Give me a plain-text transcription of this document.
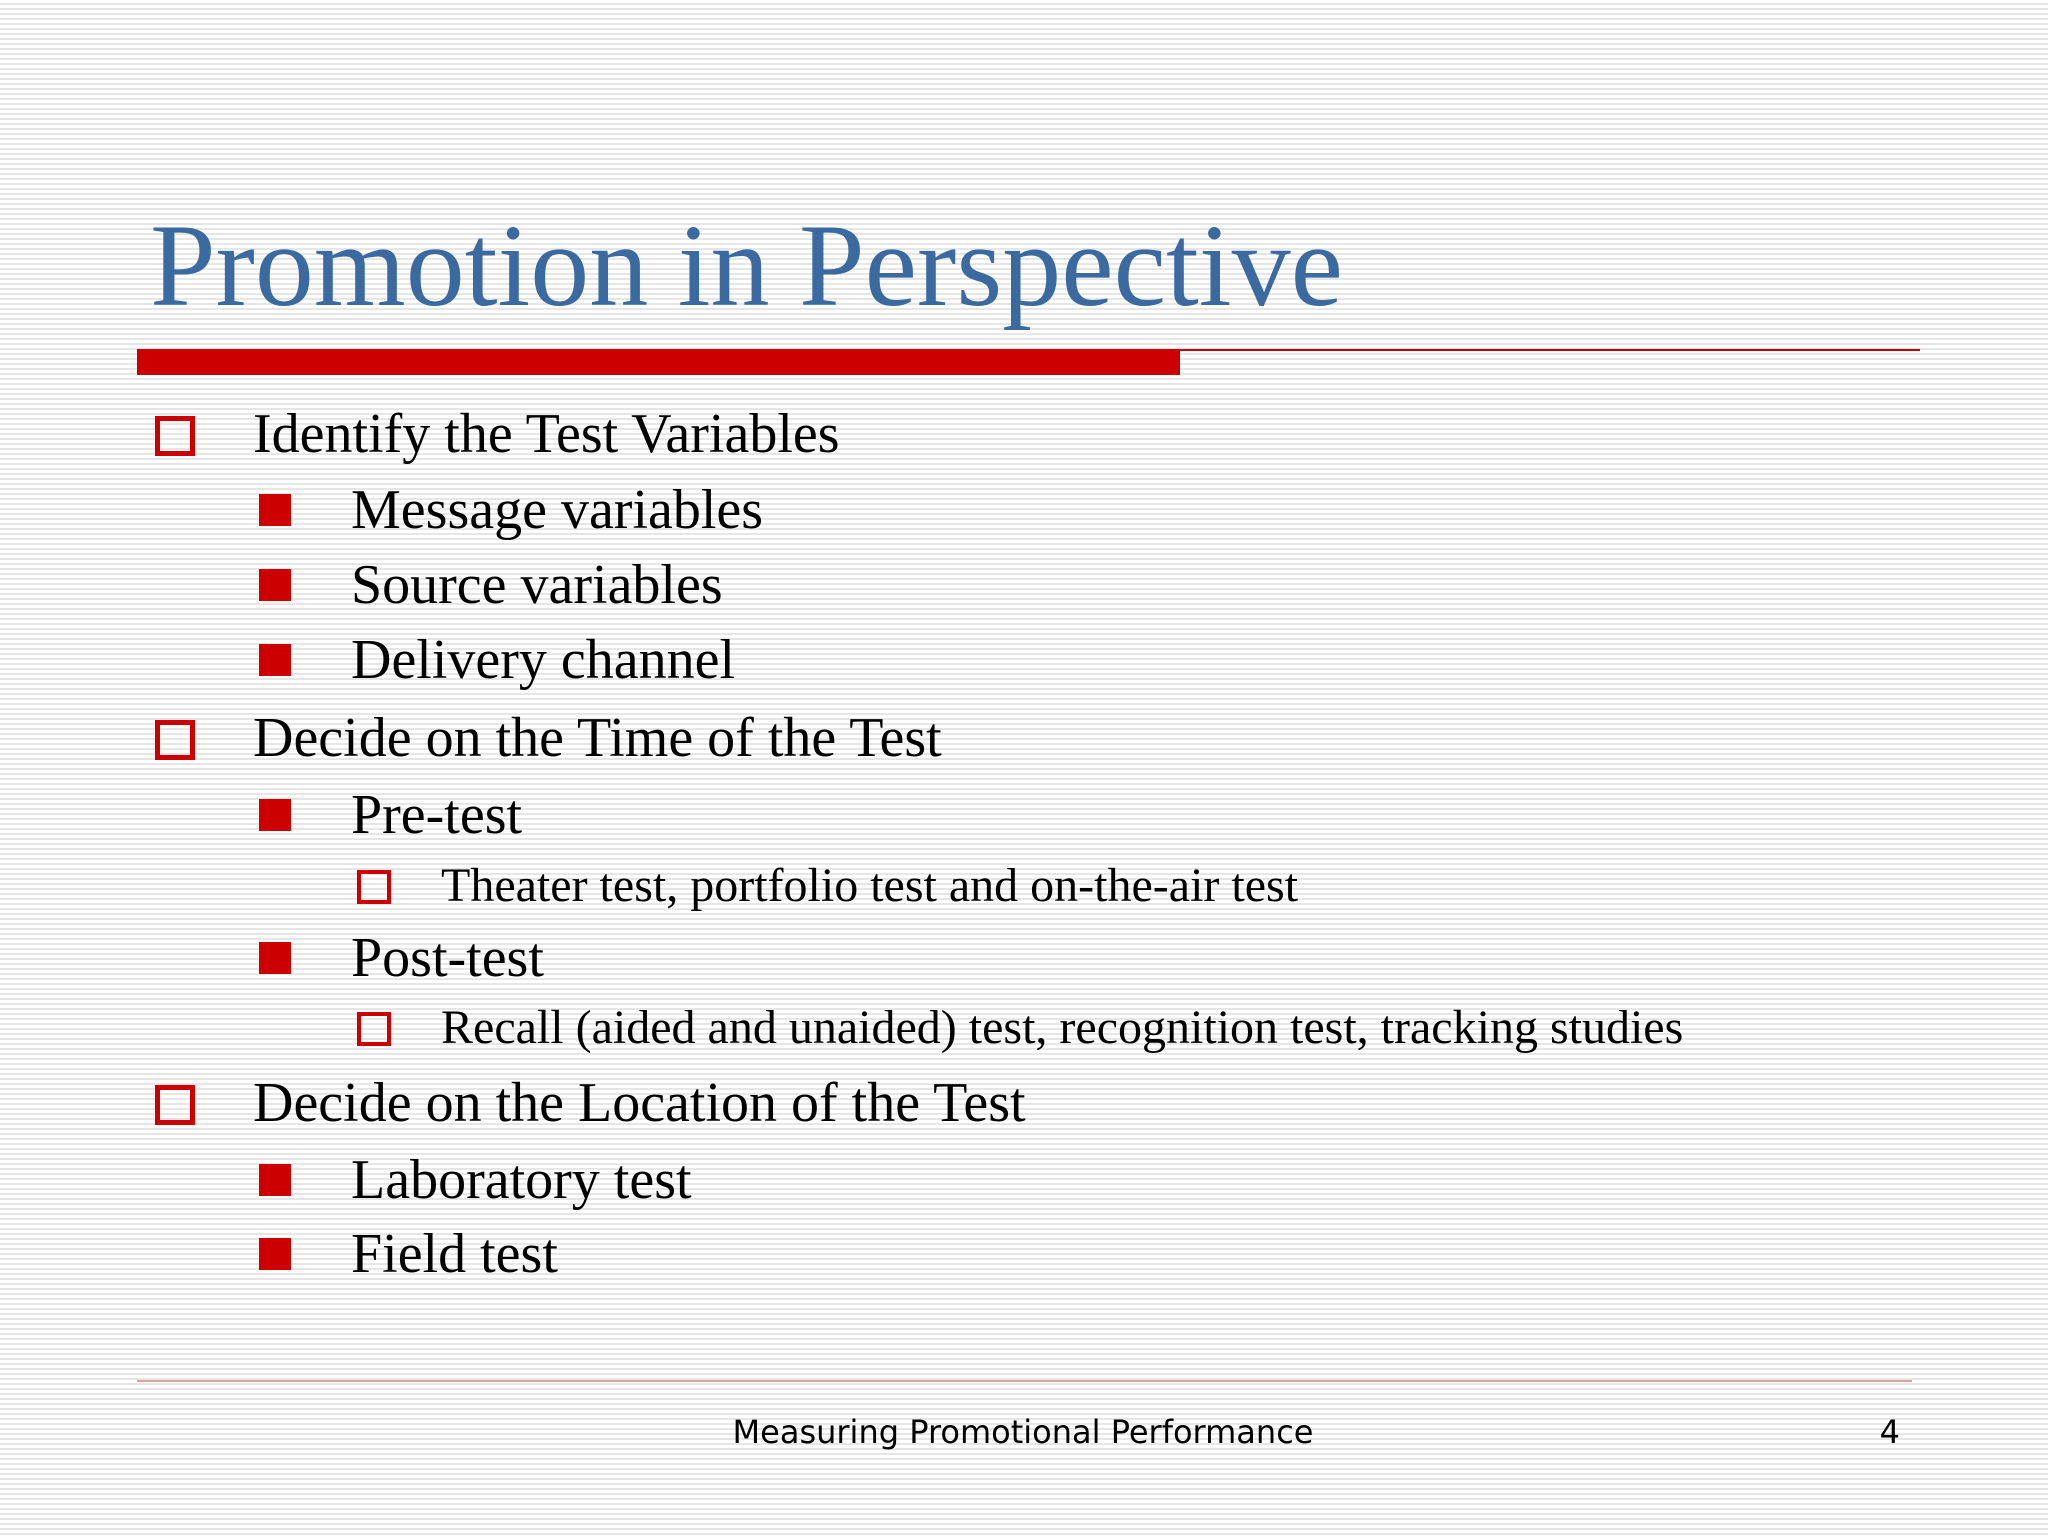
Promotion in Perspective
Identify the Test Variables
Message variables
Source variables
Delivery channel
Decide on the Time of the Test
Pre-test
Theater test, portfolio test and on-the-air test
Post-test
Recall (aided and unaided) test, recognition test, tracking studies
Decide on the Location of the Test
Laboratory test
Field test
Measuring Promotional Performance	4
